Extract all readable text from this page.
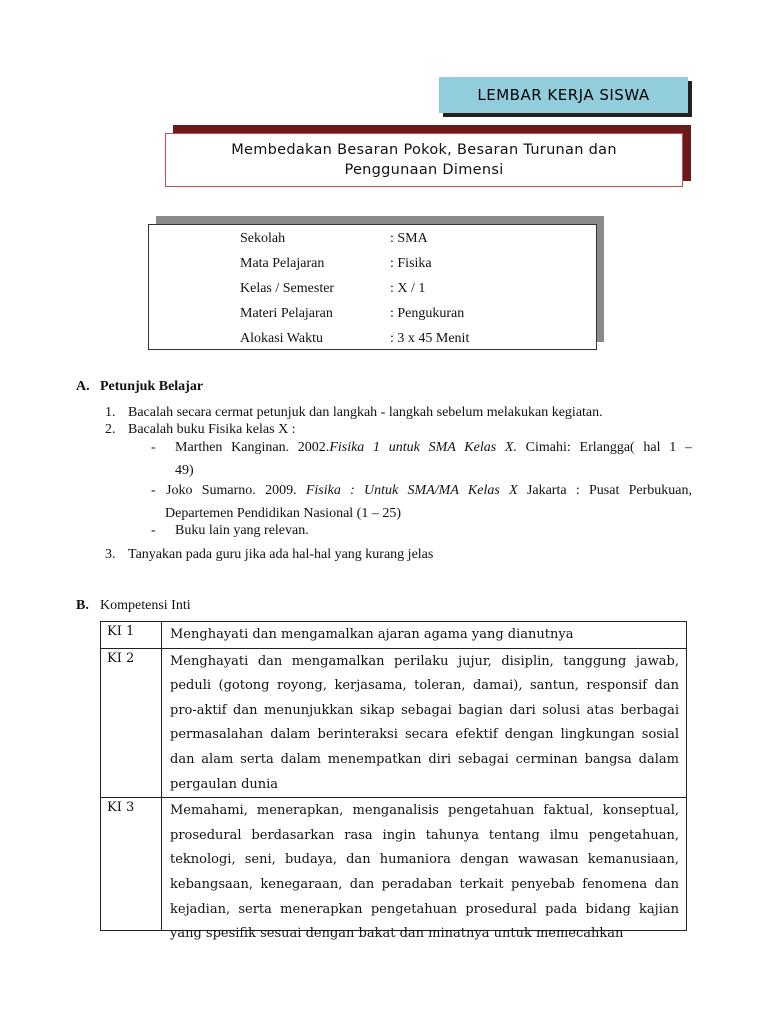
LEMBAR KERJA SISWA
Membedakan Besaran Pokok, Besaran Turunan dan
Penggunaan Dimensi
Sekolah	: SMA
Mata Pelajaran	: Fisika
Kelas / Semester	: X / 1
Materi Pelajaran	: Pengukuran
Alokasi Waktu	: 3 x 45 Menit
A. Petunjuk Belajar
1. Bacalah secara cermat petunjuk dan langkah - langkah sebelum melakukan kegiatan.
2. Bacalah buku Fisika kelas X :
- Marthen Kanginan. 2002.Fisika 1 untuk SMA Kelas X. Cimahi: Erlangga( hal 1 –
49)
- Joko Sumarno. 2009. Fisika : Untuk SMA/MA Kelas X Jakarta : Pusat Perbukuan,
Departemen Pendidikan Nasional (1 – 25)
- Buku lain yang relevan.
3. Tanyakan pada guru jika ada hal-hal yang kurang jelas
B. Kompetensi Inti
KI 1	Menghayati dan mengamalkan ajaran agama yang dianutnya
KI 2	Menghayati dan mengamalkan perilaku jujur, disiplin, tanggung jawab, peduli (gotong royong, kerjasama, toleran, damai), santun, responsif dan pro-aktif dan menunjukkan sikap sebagai bagian dari solusi atas berbagai permasalahan dalam berinteraksi secara efektif dengan lingkungan sosial dan alam serta dalam menempatkan diri sebagai cerminan bangsa dalam pergaulan dunia
KI 3	Memahami, menerapkan, menganalisis pengetahuan faktual, konseptual, prosedural berdasarkan rasa ingin tahunya tentang ilmu pengetahuan, teknologi, seni, budaya, dan humaniora dengan wawasan kemanusiaan, kebangsaan, kenegaraan, dan peradaban terkait penyebab fenomena dan kejadian, serta menerapkan pengetahuan prosedural pada bidang kajian yang spesifik sesuai dengan bakat dan minatnya untuk memecahkan
